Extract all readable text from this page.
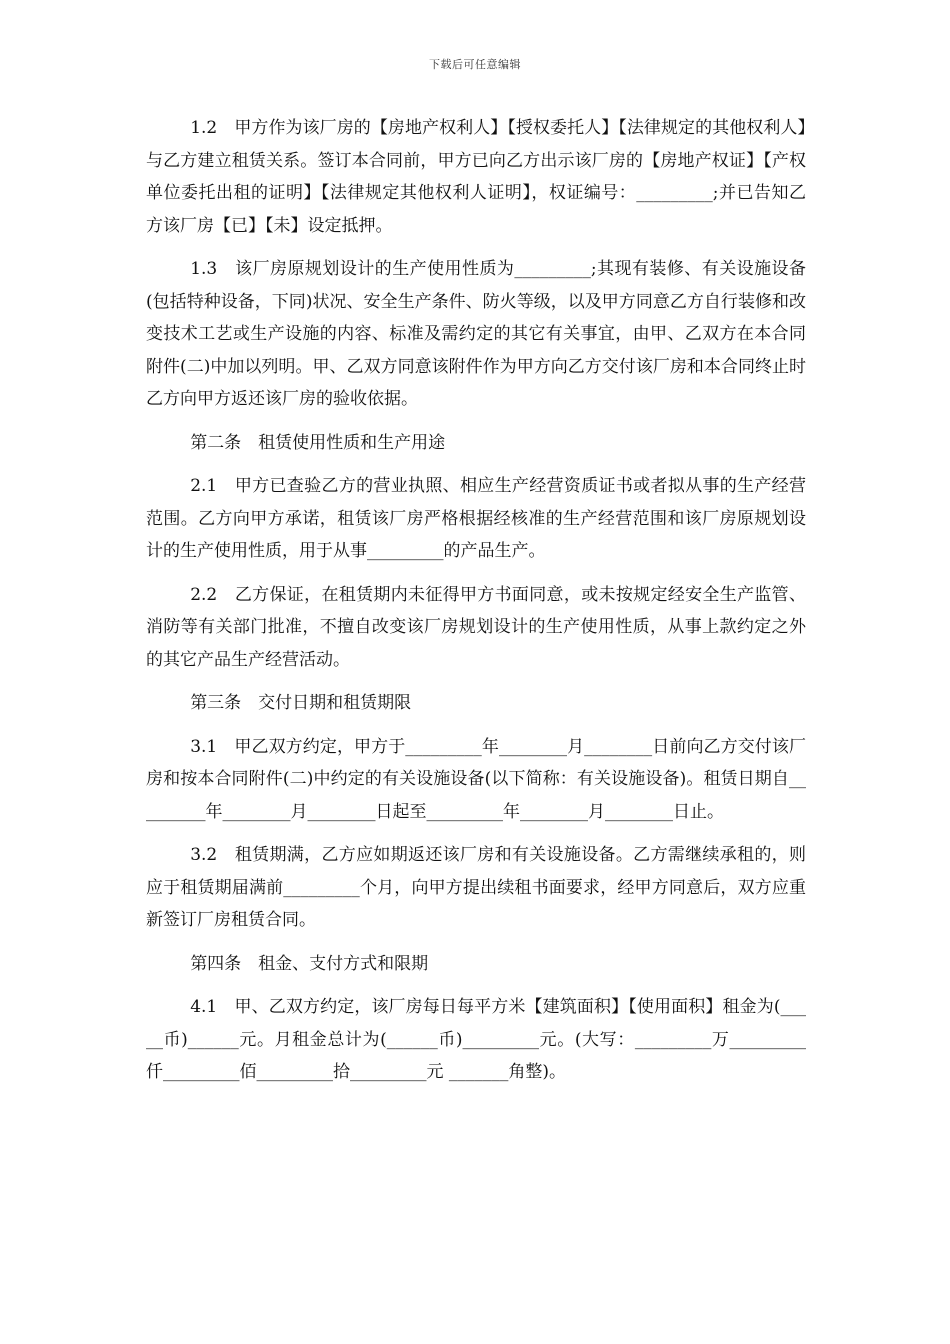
下载后可任意编辑

1.2　甲方作为该厂房的【房地产权利人】【授权委托人】【法律规定的其他权利人】与乙方建立租赁关系。签订本合同前，甲方已向乙方出示该厂房的【房地产权证】【产权单位委托出租的证明】【法律规定其他权利人证明】，权证编号：_________;并已告知乙方该厂房【已】【未】设定抵押。

1.3　该厂房原规划设计的生产使用性质为_________;其现有装修、有关设施设备(包括特种设备，下同)状况、安全生产条件、防火等级，以及甲方同意乙方自行装修和改变技术工艺或生产设施的内容、标准及需约定的其它有关事宜，由甲、乙双方在本合同附件(二)中加以列明。甲、乙双方同意该附件作为甲方向乙方交付该厂房和本合同终止时乙方向甲方返还该厂房的验收依据。

第二条　租赁使用性质和生产用途

2.1　甲方已查验乙方的营业执照、相应生产经营资质证书或者拟从事的生产经营范围。乙方向甲方承诺，租赁该厂房严格根据经核准的生产经营范围和该厂房原规划设计的生产使用性质，用于从事_________的产品生产。

2.2　乙方保证，在租赁期内未征得甲方书面同意，或未按规定经安全生产监管、消防等有关部门批准，不擅自改变该厂房规划设计的生产使用性质，从事上款约定之外的其它产品生产经营活动。

第三条　交付日期和租赁期限

3.1　甲乙双方约定，甲方于_________年________月________日前向乙方交付该厂房和按本合同附件(二)中约定的有关设施设备(以下简称：有关设施设备)。租赁日期自_________年________月________日起至_________年________月________日止。

3.2　租赁期满，乙方应如期返还该厂房和有关设施设备。乙方需继续承租的，则应于租赁期届满前_________个月，向甲方提出续租书面要求，经甲方同意后，双方应重新签订厂房租赁合同。

第四条　租金、支付方式和限期

4.1　甲、乙双方约定，该厂房每日每平方米【建筑面积】【使用面积】租金为(_____币)______元。月租金总计为(______币)_________元。(大写：_________万_________仟_________佰_________拾_________元 _______角整)。
